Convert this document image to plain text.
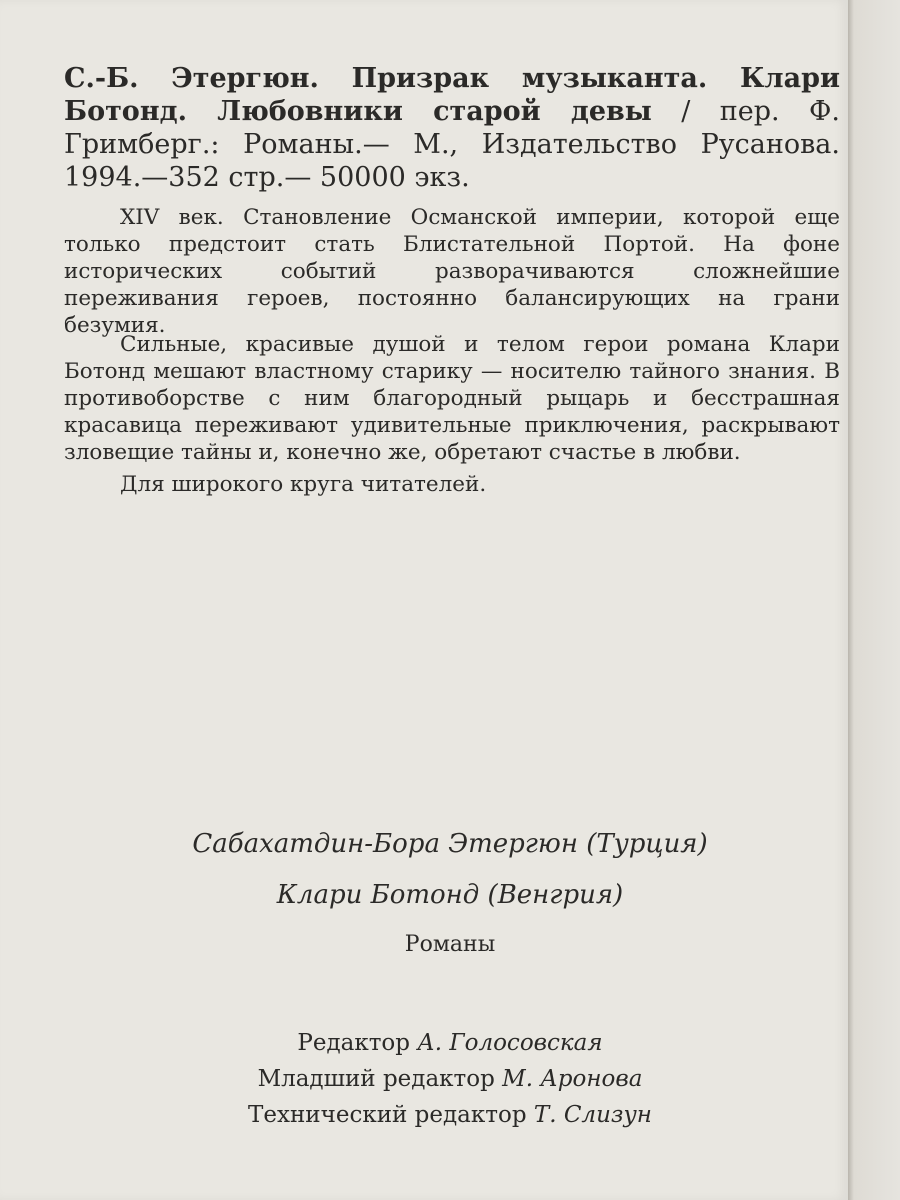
С.-Б. Этергюн. Призрак музыканта. Клари Ботонд. Любовники старой девы / пер. Ф. Гримберг.: Романы.— М., Издательство Русанова. 1994.—352 стр.— 50000 экз.

XIV век. Становление Османской империи, которой еще только предстоит стать Блистательной Портой. На фоне исторических событий разворачиваются сложнейшие переживания героев, постоянно балансирующих на грани безумия.

Сильные, красивые душой и телом герои романа Клари Ботонд мешают властному старику — носителю тайного знания. В противоборстве с ним благородный рыцарь и бесстрашная красавица переживают удивительные приключения, раскрывают зловещие тайны и, конечно же, обретают счастье в любви.

Для широкого круга читателей.

Сабахатдин-Бора Этергюн (Турция)

Клари Ботонд (Венгрия)

Романы

Редактор А. Голосовская

Младший редактор М. Аронова

Технический редактор Т. Слизун
